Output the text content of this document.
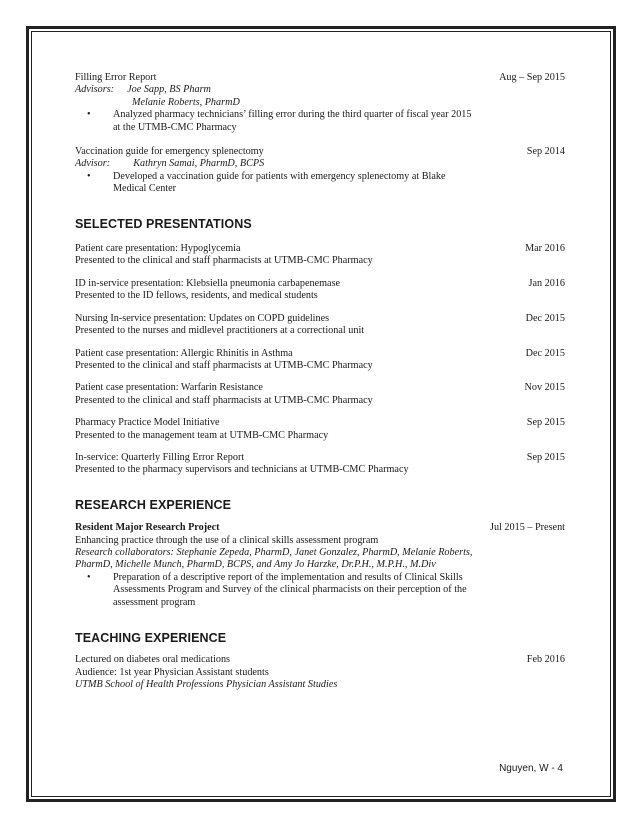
Filling Error Report	Aug – Sep 2015
Advisors: Joe Sapp, BS Pharm
Melanie Roberts, PharmD
• Analyzed pharmacy technicians’ filling error during the third quarter of fiscal year 2015
at the UTMB-CMC Pharmacy
Vaccination guide for emergency splenectomy	Sep 2014
Advisor: Kathryn Samai, PharmD, BCPS
• Developed a vaccination guide for patients with emergency splenectomy at Blake
Medical Center
SELECTED PRESENTATIONS
Patient care presentation: Hypoglycemia	Mar 2016
Presented to the clinical and staff pharmacists at UTMB-CMC Pharmacy
ID in-service presentation: Klebsiella pneumonia carbapenemase	Jan 2016
Presented to the ID fellows, residents, and medical students
Nursing In-service presentation: Updates on COPD guidelines	Dec 2015
Presented to the nurses and midlevel practitioners at a correctional unit
Patient case presentation: Allergic Rhinitis in Asthma	Dec 2015
Presented to the clinical and staff pharmacists at UTMB-CMC Pharmacy
Patient case presentation: Warfarin Resistance	Nov 2015
Presented to the clinical and staff pharmacists at UTMB-CMC Pharmacy
Pharmacy Practice Model Initiative	Sep 2015
Presented to the management team at UTMB-CMC Pharmacy
In-service: Quarterly Filling Error Report	Sep 2015
Presented to the pharmacy supervisors and technicians at UTMB-CMC Pharmacy
RESEARCH EXPERIENCE
Resident Major Research Project	Jul 2015 – Present
Enhancing practice through the use of a clinical skills assessment program
Research collaborators: Stephanie Zepeda, PharmD, Janet Gonzalez, PharmD, Melanie Roberts,
PharmD, Michelle Munch, PharmD, BCPS, and Amy Jo Harzke, Dr.P.H., M.P.H., M.Div
• Preparation of a descriptive report of the implementation and results of Clinical Skills
Assessments Program and Survey of the clinical pharmacists on their perception of the
assessment program
TEACHING EXPERIENCE
Lectured on diabetes oral medications	Feb 2016
Audience: 1st year Physician Assistant students
UTMB School of Health Professions Physician Assistant Studies
Nguyen, W - 4
